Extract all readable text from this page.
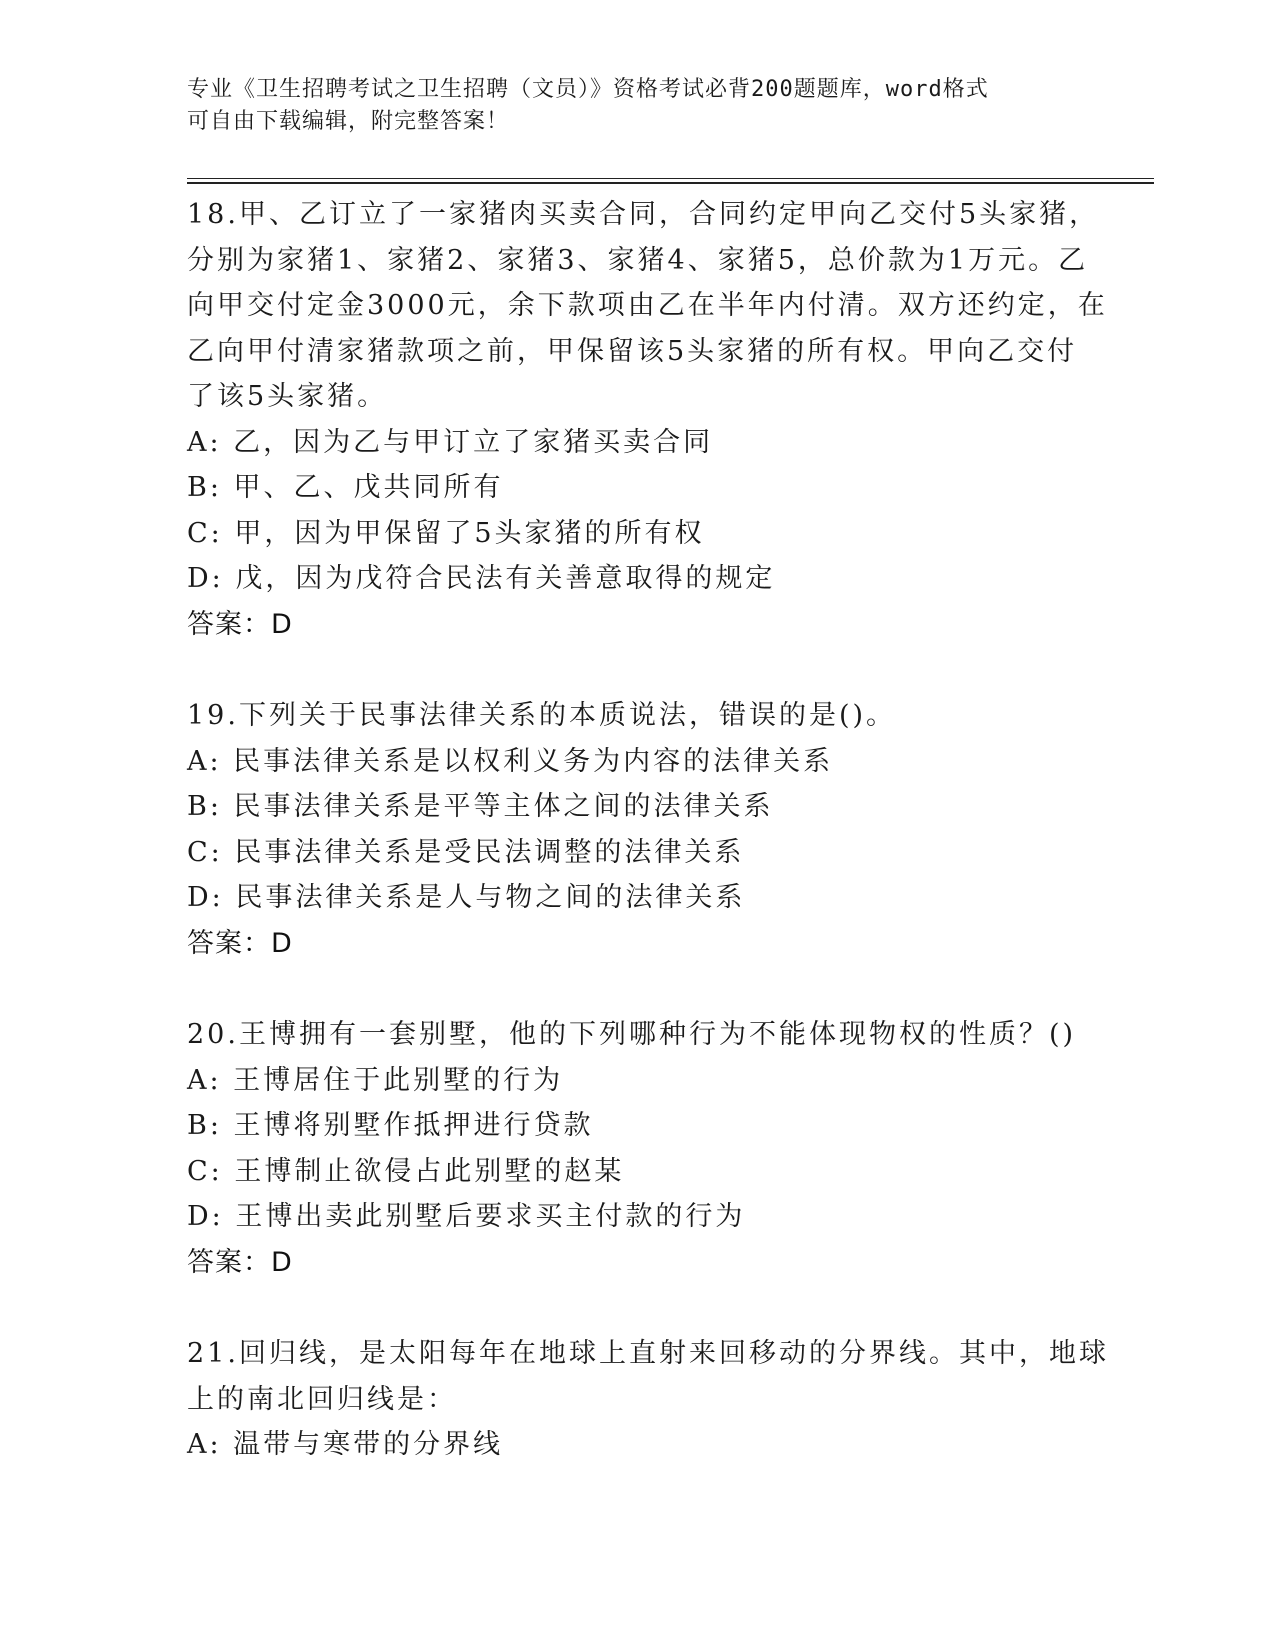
专业《卫生招聘考试之卫生招聘（文员）》资格考试必背200题题库，word格式
可自由下载编辑，附完整答案！
18.甲、乙订立了一家猪肉买卖合同，合同约定甲向乙交付5头家猪，
分别为家猪1、家猪2、家猪3、家猪4、家猪5，总价款为1万元。乙
向甲交付定金3000元，余下款项由乙在半年内付清。双方还约定，在
乙向甲付清家猪款项之前，甲保留该5头家猪的所有权。甲向乙交付
了该5头家猪。
A: 乙，因为乙与甲订立了家猪买卖合同
B: 甲、乙、戊共同所有
C: 甲，因为甲保留了5头家猪的所有权
D: 戊，因为戊符合民法有关善意取得的规定
答案：D
19.下列关于民事法律关系的本质说法，错误的是()。
A: 民事法律关系是以权利义务为内容的法律关系
B: 民事法律关系是平等主体之间的法律关系
C: 民事法律关系是受民法调整的法律关系
D: 民事法律关系是人与物之间的法律关系
答案：D
20.王博拥有一套别墅，他的下列哪种行为不能体现物权的性质？()
A: 王博居住于此别墅的行为
B: 王博将别墅作抵押进行贷款
C: 王博制止欲侵占此别墅的赵某
D: 王博出卖此别墅后要求买主付款的行为
答案：D
21.回归线，是太阳每年在地球上直射来回移动的分界线。其中，地球
上的南北回归线是：
A: 温带与寒带的分界线
